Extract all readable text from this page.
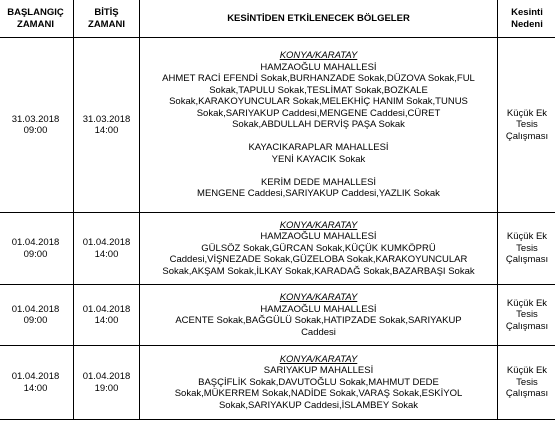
BAŞLANGIÇ
ZAMANI
BİTİŞ
ZAMANI
KESİNTİDEN ETKİLENECEK BÖLGELER
Kesinti
Nedeni
31.03.2018
09:00
31.03.2018
14:00
KONYA/KARATAY
HAMZAOĞLU MAHALLESİ
AHMET RACİ EFENDİ Sokak,BURHANZADE Sokak,DÜZOVA Sokak,FUL
Sokak,TAPULU Sokak,TESLİMAT Sokak,BOZKALE
Sokak,KARAKOYUNCULAR Sokak,MELEKHİÇ HANIM Sokak,TUNUS
Sokak,SARIYAKUP Caddesi,MENGENE Caddesi,CÜRET
Sokak,ABDULLAH DERVİŞ PAŞA Sokak
KAYACIKARAPLAR MAHALLESİ
YENİ KAYACIK Sokak
KERİM DEDE MAHALLESİ
MENGENE Caddesi,SARIYAKUP Caddesi,YAZLIK Sokak
Küçük Ek
Tesis
Çalışması
01.04.2018
09:00
01.04.2018
14:00
KONYA/KARATAY
HAMZAOĞLU MAHALLESİ
GÜLSÖZ Sokak,GÜRCAN Sokak,KÜÇÜK KUMKÖPRÜ
Caddesi,VİŞNEZADE Sokak,GÜZELOBA Sokak,KARAKOYUNCULAR
Sokak,AKŞAM Sokak,İLKAY Sokak,KARADAĞ Sokak,BAZARBAŞI Sokak
Küçük Ek
Tesis
Çalışması
01.04.2018
09:00
01.04.2018
14:00
KONYA/KARATAY
HAMZAOĞLU MAHALLESİ
ACENTE Sokak,BAĞGÜLÜ Sokak,HATIPZADE Sokak,SARIYAKUP
Caddesi
Küçük Ek
Tesis
Çalışması
01.04.2018
14:00
01.04.2018
19:00
KONYA/KARATAY
SARIYAKUP MAHALLESİ
BAŞÇİFLİK Sokak,DAVUTOĞLU Sokak,MAHMUT DEDE
Sokak,MÜKERREM Sokak,NADİDE Sokak,VARAŞ Sokak,ESKİYOL
Sokak,SARIYAKUP Caddesi,İSLAMBEY Sokak
Küçük Ek
Tesis
Çalışması
